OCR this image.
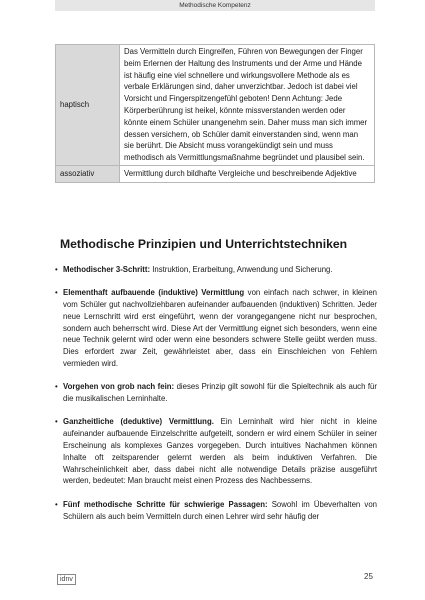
Methodische Kompetenz
haptisch	Das Vermitteln durch Eingreifen, Führen von Bewegungen der Finger beim Erlernen der Haltung des Instruments und der Arme und Hände ist häufig eine viel schnellere und wirkungsvollere Methode als es verbale Erklärungen sind, daher unverzichtbar. Jedoch ist dabei viel Vorsicht und Fingerspitzengefühl geboten! Denn Achtung: Jede Körperberührung ist heikel, könnte missverstanden werden oder könnte einem Schüler unangenehm sein. Daher muss man sich immer dessen versichern, ob Schüler damit einverstanden sind, wenn man sie berührt. Die Absicht muss vorangekündigt sein und muss methodisch als Vermittlungsmaßnahme begründet und plausibel sein.
assoziativ	Vermittlung durch bildhafte Vergleiche und beschreibende Adjektive
Methodische Prinzipien und Unterrichtstechniken
• Methodischer 3-Schritt: Instruktion, Erarbeitung, Anwendung und Sicherung.
• Elementhaft aufbauende (induktive) Vermittlung von einfach nach schwer, in kleinen vom Schüler gut nachvollziehbaren aufeinander aufbauenden (induktiven) Schritten. Jeder neue Lernschritt wird erst eingeführt, wenn der vorangegangene nicht nur besprochen, sondern auch beherrscht wird. Diese Art der Vermittlung eignet sich besonders, wenn eine neue Technik gelernt wird oder wenn eine besonders schwere Stelle geübt werden muss. Dies erfordert zwar Zeit, gewährleistet aber, dass ein Einschleichen von Fehlern vermieden wird.
• Vorgehen von grob nach fein: dieses Prinzip gilt sowohl für die Spieltechnik als auch für die musikalischen Lerninhalte.
• Ganzheitliche (deduktive) Vermittlung. Ein Lerninhalt wird hier nicht in kleine aufeinander aufbauende Einzelschritte aufgeteilt, sondern er wird einem Schüler in seiner Erscheinung als komplexes Ganzes vorgegeben. Durch intuitives Nachahmen können Inhalte oft zeitsparender gelernt werden als beim induktiven Verfahren. Die Wahrscheinlichkeit aber, dass dabei nicht alle notwendige Details präzise ausgeführt werden, bedeutet: Man braucht meist einen Prozess des Nachbesserns.
• Fünf methodische Schritte für schwierige Passagen: Sowohl im Übeverhalten von Schülern als auch beim Vermitteln durch einen Lehrer wird sehr häufig der
idnv	25
